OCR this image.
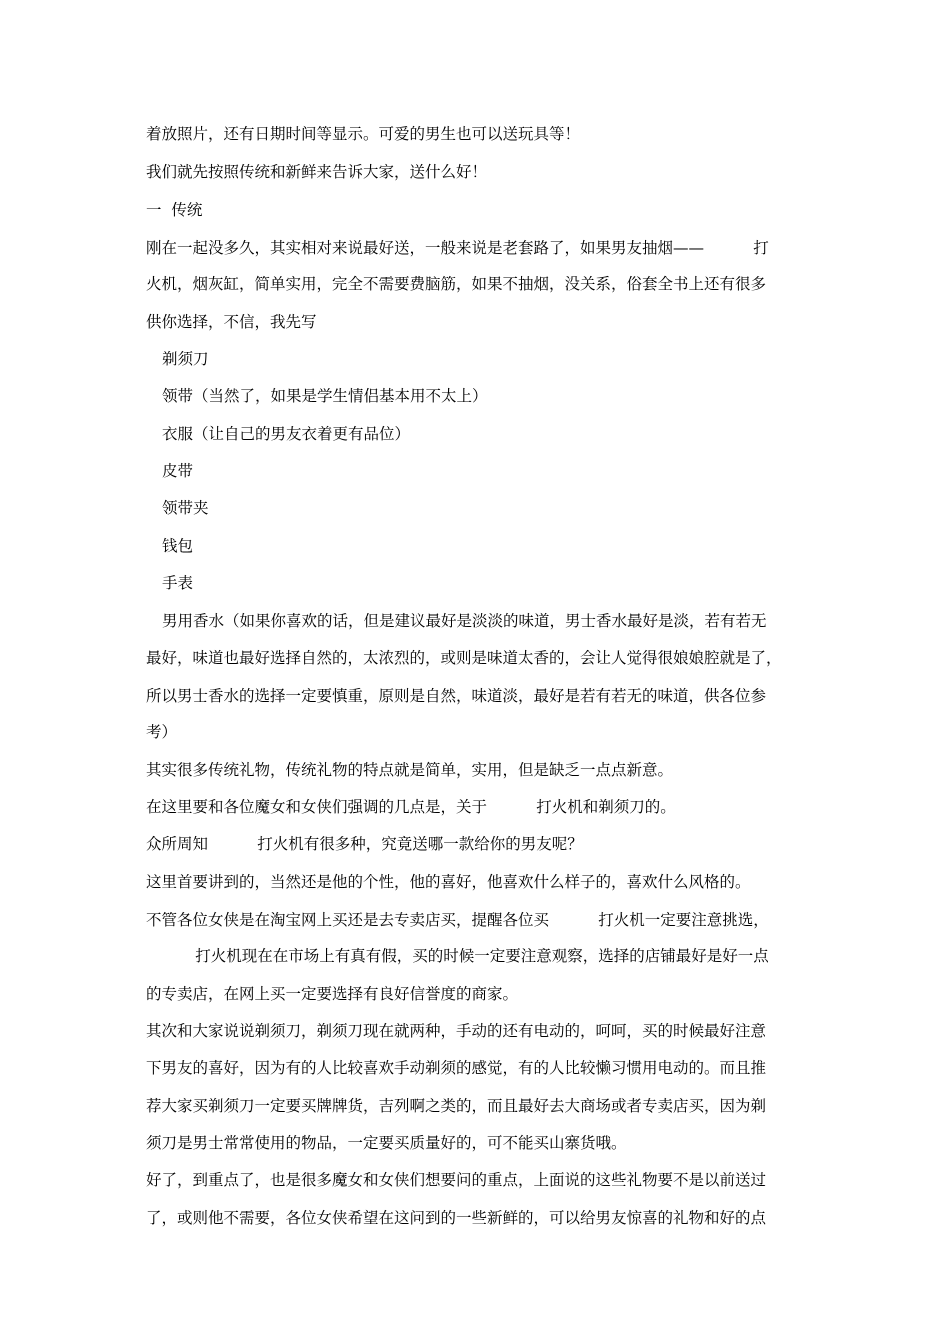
着放照片，还有日期时间等显示。可爱的男生也可以送玩具等！
我们就先按照传统和新鲜来告诉大家，送什么好！
一  传统
刚在一起没多久，其实相对来说最好送，一般来说是老套路了，如果男友抽烟——          打
火机，烟灰缸，简单实用，完全不需要费脑筋，如果不抽烟，没关系，俗套全书上还有很多
供你选择，不信，我先写
剃须刀
领带（当然了，如果是学生情侣基本用不太上）
衣服（让自己的男友衣着更有品位）
皮带
领带夹
钱包
手表
男用香水（如果你喜欢的话，但是建议最好是淡淡的味道，男士香水最好是淡，若有若无
最好，味道也最好选择自然的，太浓烈的，或则是味道太香的，会让人觉得很娘娘腔就是了，
所以男士香水的选择一定要慎重，原则是自然，味道淡，最好是若有若无的味道，供各位参
考）
其实很多传统礼物，传统礼物的特点就是简单，实用，但是缺乏一点点新意。
在这里要和各位魔女和女侠们强调的几点是，关于          打火机和剃须刀的。
众所周知          打火机有很多种，究竟送哪一款给你的男友呢？
这里首要讲到的，当然还是他的个性，他的喜好，他喜欢什么样子的，喜欢什么风格的。
不管各位女侠是在淘宝网上买还是去专卖店买，提醒各位买          打火机一定要注意挑选，
打火机现在在市场上有真有假，买的时候一定要注意观察，选择的店铺最好是好一点
的专卖店，在网上买一定要选择有良好信誉度的商家。
其次和大家说说剃须刀，剃须刀现在就两种，手动的还有电动的，呵呵，买的时候最好注意
下男友的喜好，因为有的人比较喜欢手动剃须的感觉，有的人比较懒习惯用电动的。而且推
荐大家买剃须刀一定要买牌牌货，吉列啊之类的，而且最好去大商场或者专卖店买，因为剃
须刀是男士常常使用的物品，一定要买质量好的，可不能买山寨货哦。
好了，到重点了，也是很多魔女和女侠们想要问的重点，上面说的这些礼物要不是以前送过
了，或则他不需要，各位女侠希望在这问到的一些新鲜的，可以给男友惊喜的礼物和好的点
